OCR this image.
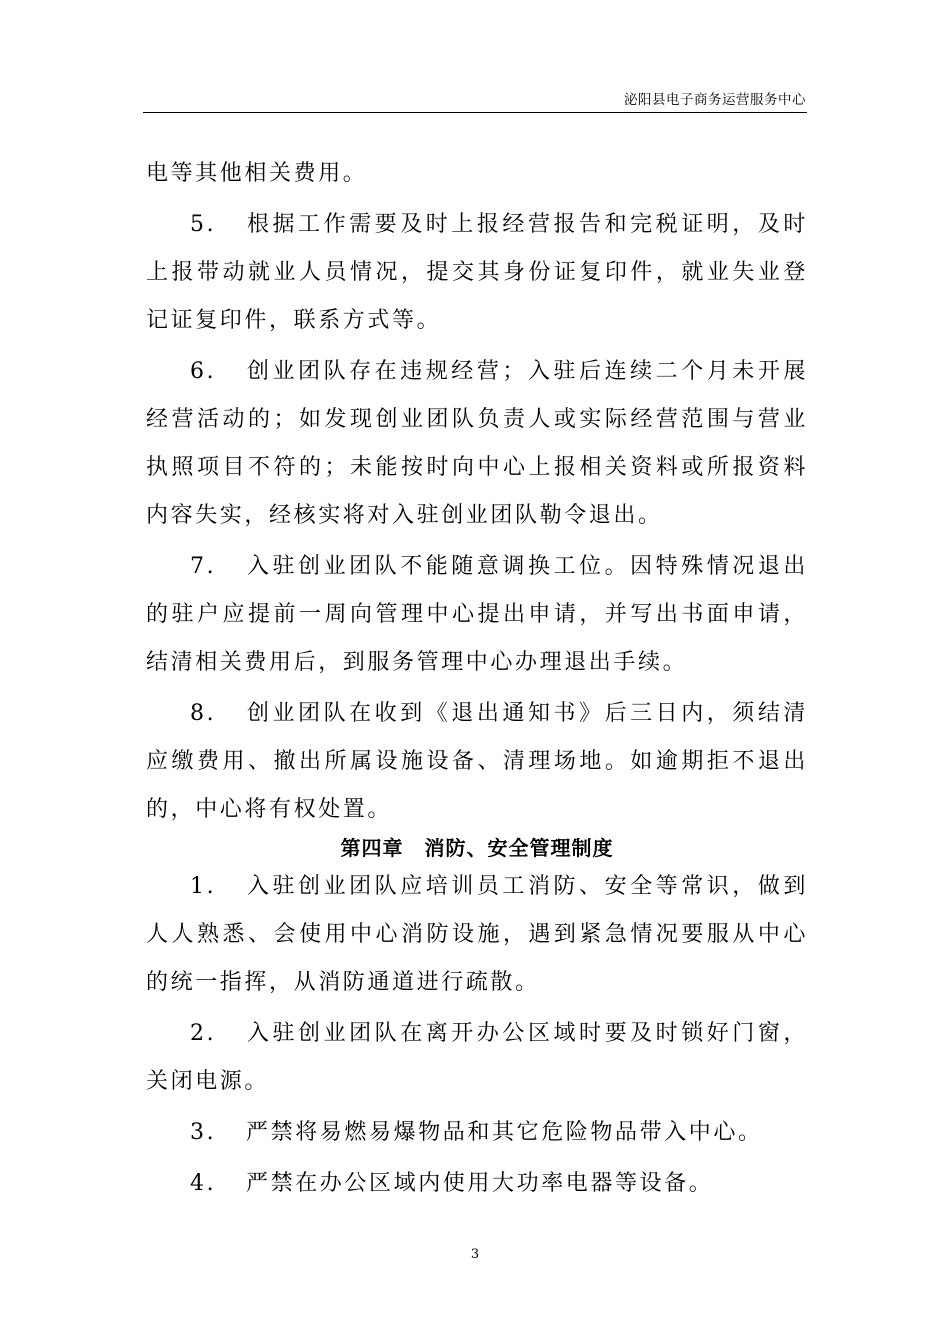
泌阳县电子商务运营服务中心

电等其他相关费用。

5. 根据工作需要及时上报经营报告和完税证明，及时上报带动就业人员情况，提交其身份证复印件，就业失业登记证复印件，联系方式等。

6. 创业团队存在违规经营；入驻后连续二个月未开展经营活动的；如发现创业团队负责人或实际经营范围与营业执照项目不符的；未能按时向中心上报相关资料或所报资料内容失实，经核实将对入驻创业团队勒令退出。

7. 入驻创业团队不能随意调换工位。因特殊情况退出的驻户应提前一周向管理中心提出申请，并写出书面申请，结清相关费用后，到服务管理中心办理退出手续。

8. 创业团队在收到《退出通知书》后三日内，须结清应缴费用、撤出所属设施设备、清理场地。如逾期拒不退出的，中心将有权处置。

第四章　消防、安全管理制度

1. 入驻创业团队应培训员工消防、安全等常识，做到人人熟悉、会使用中心消防设施，遇到紧急情况要服从中心的统一指挥，从消防通道进行疏散。

2. 入驻创业团队在离开办公区域时要及时锁好门窗，关闭电源。

3. 严禁将易燃易爆物品和其它危险物品带入中心。

4. 严禁在办公区域内使用大功率电器等设备。

3
